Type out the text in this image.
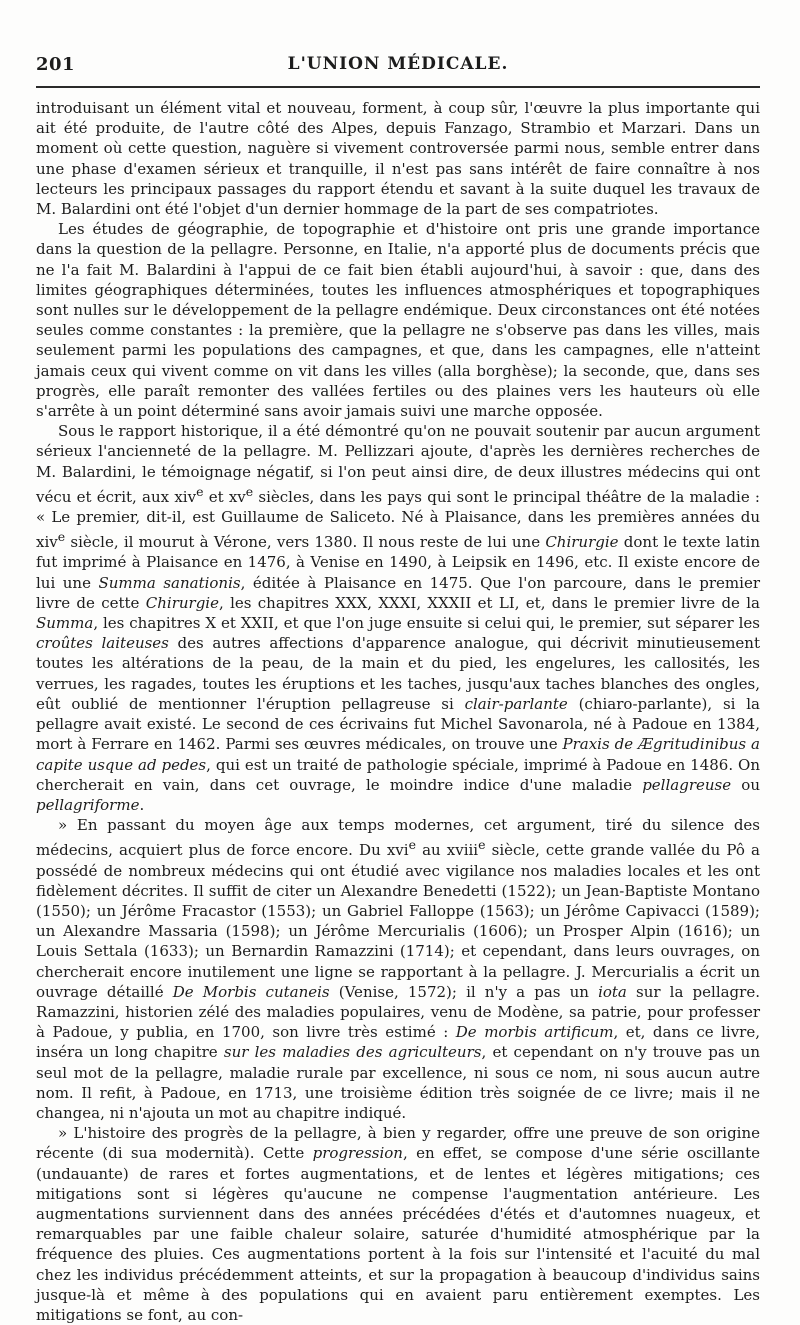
201	L'UNION MÉDICALE.

introduisant un élément vital et nouveau, forment, à coup sûr, l'œuvre la plus importante qui ait été produite, de l'autre côté des Alpes, depuis Fanzago, Strambio et Marzari. Dans un moment où cette question, naguère si vivement controversée parmi nous, semble entrer dans une phase d'examen sérieux et tranquille, il n'est pas sans intérêt de faire connaître à nos lecteurs les principaux passages du rapport étendu et savant à la suite duquel les travaux de M. Balardini ont été l'objet d'un dernier hommage de la part de ses compatriotes.

Les études de géographie, de topographie et d'histoire ont pris une grande importance dans la question de la pellagre. Personne, en Italie, n'a apporté plus de documents précis que ne l'a fait M. Balardini à l'appui de ce fait bien établi aujourd'hui, à savoir : que, dans des limites géographiques déterminées, toutes les influences atmosphériques et topographiques sont nulles sur le développement de la pellagre endémique. Deux circonstances ont été notées seules comme constantes : la première, que la pellagre ne s'observe pas dans les villes, mais seulement parmi les populations des campagnes, et que, dans les campagnes, elle n'atteint jamais ceux qui vivent comme on vit dans les villes (alla borghèse); la seconde, que, dans ses progrès, elle paraît remonter des vallées fertiles ou des plaines vers les hauteurs où elle s'arrête à un point déterminé sans avoir jamais suivi une marche opposée.

Sous le rapport historique, il a été démontré qu'on ne pouvait soutenir par aucun argument sérieux l'ancienneté de la pellagre. M. Pellizzari ajoute, d'après les dernières recherches de M. Balardini, le témoignage négatif, si l'on peut ainsi dire, de deux illustres médecins qui ont vécu et écrit, aux xiv$^e$ et $xv^e$ siècles, dans les pays qui sont le principal théâtre de la maladie : « Le premier, dit-il, est Guillaume de Saliceto. Né à Plaisance, dans les premières années du xiv$^e$ siècle, il mourut à Vérone, vers 1380. Il nous reste de lui une Chirurgie dont le texte latin fut imprimé à Plaisance en 1476, à Venise en 1490, à Leipsik en 1496, etc. Il existe encore de lui une Summa sanationis, éditée à Plaisance en 1475. Que l'on parcoure, dans le premier livre de cette Chirurgie, les chapitres XXX, XXXI, XXXII et LI, et, dans le premier livre de la Summa, les chapitres X et XXII, et que l'on juge ensuite si celui qui, le premier, sut séparer les croûtes laiteuses des autres affections d'apparence analogue, qui décrivit minutieusement toutes les altérations de la peau, de la main et du pied, les engelures, les callosités, les verrues, les ragades, toutes les éruptions et les taches, jusqu'aux taches blanches des ongles, eût oublié de mentionner l'éruption pellagreuse si clair-parlante (chiaro-parlante), si la pellagre avait existé. Le second de ces écrivains fut Michel Savonarola, né à Padoue en 1384, mort à Ferrare en 1462. Parmi ses œuvres médicales, on trouve une Praxis de Ægritudinibus a capite usque ad pedes, qui est un traité de pathologie spéciale, imprimé à Padoue en 1486. On chercherait en vain, dans cet ouvrage, le moindre indice d'une maladie pellagreuse ou pellagriforme.

» En passant du moyen âge aux temps modernes, cet argument, tiré du silence des médecins, acquiert plus de force encore. Du xvi$^e$ au xviii$^e$ siècle, cette grande vallée du Pô a possédé de nombreux médecins qui ont étudié avec vigilance nos maladies locales et les ont fidèlement décrites. Il suffit de citer un Alexandre Benedetti (1522); un Jean-Baptiste Montano (1550); un Jérôme Fracastor (1553); un Gabriel Falloppe (1563); un Jérôme Capivacci (1589); un Alexandre Massaria (1598); un Jérôme Mercurialis (1606); un Prosper Alpin (1616); un Louis Settala (1633); un Bernardin Ramazzini (1714); et cependant, dans leurs ouvrages, on chercherait encore inutilement une ligne se rapportant à la pellagre. J. Mercurialis a écrit un ouvrage détaillé De Morbis cutaneis (Venise, 1572); il n'y a pas un iota sur la pellagre. Ramazzini, historien zélé des maladies populaires, venu de Modène, sa patrie, pour professer à Padoue, y publia, en 1700, son livre très estimé : De morbis artificum, et, dans ce livre, inséra un long chapitre sur les maladies des agriculteurs, et cependant on n'y trouve pas un seul mot de la pellagre, maladie rurale par excellence, ni sous ce nom, ni sous aucun autre nom. Il refit, à Padoue, en 1713, une troisième édition très soignée de ce livre; mais il ne changea, ni n'ajouta un mot au chapitre indiqué.

» L'histoire des progrès de la pellagre, à bien y regarder, offre une preuve de son origine récente (di sua modernità). Cette progression, en effet, se compose d'une série oscillante (undauante) de rares et fortes augmentations, et de lentes et légères mitigations; ces mitigations sont si légères qu'aucune ne compense l'augmentation antérieure. Les augmentations surviennent dans des années précédées d'étés et d'automnes nuageux, et remarquables par une faible chaleur solaire, saturée d'humidité atmosphérique par la fréquence des pluies. Ces augmentations portent à la fois sur l'intensité et l'acuité du mal chez les individus précédemment atteints, et sur la propagation à beaucoup d'individus sains jusque-là et même à des populations qui en avaient paru entièrement exemptes. Les mitigations se font, au con-
